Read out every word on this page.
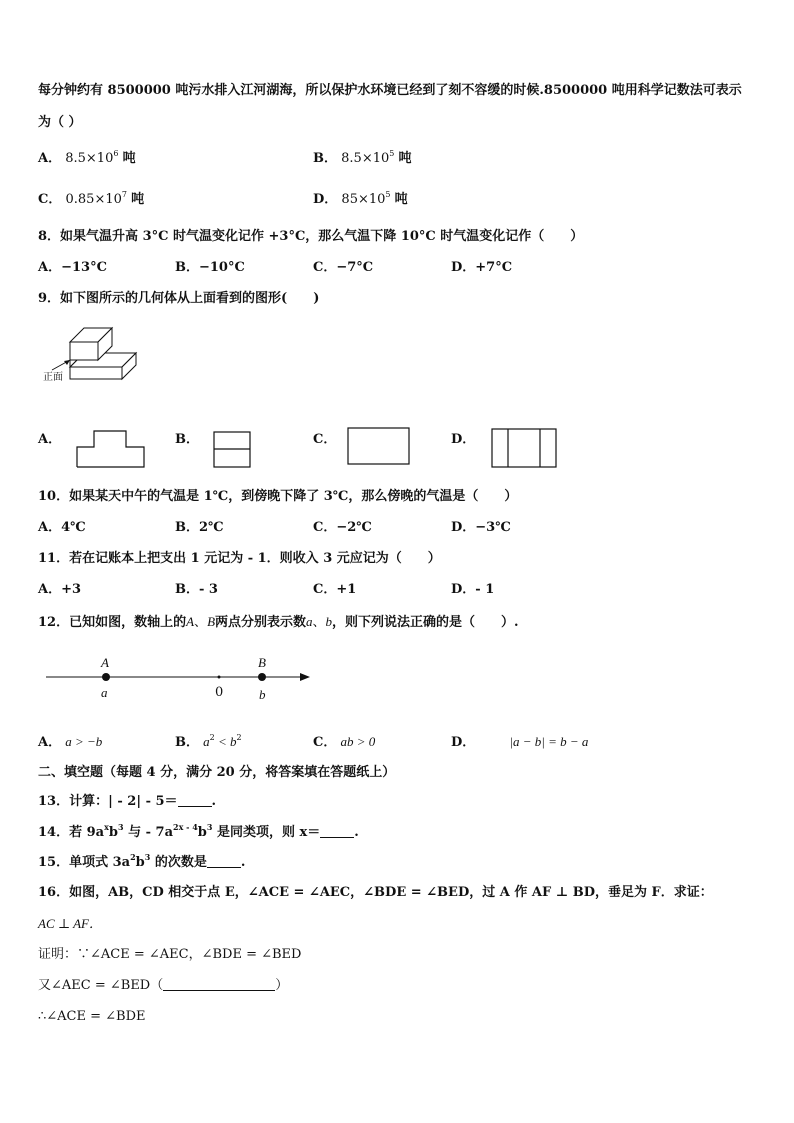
每分钟约有 8500000 吨污水排入江河湖海，所以保护水环境已经到了刻不容缓的时候.8500000 吨用科学记数法可表示
为（ ）
A． $8.5\times 10^6$ 吨	B． $8.5\times 10^5$ 吨
C． $0.85\times 10^7$ 吨	D． $85\times 10^5$ 吨
8．如果气温升高 3°C 时气温变化记作 +3°C，那么气温下降 10°C 时气温变化记作（　　）
A．−13°C	B．−10°C	C．−7°C	D．+7°C
9．如下图所示的几何体从上面看到的图形(　　)
正面
A．	B．	C．	D．
10．如果某天中午的气温是 1℃，到傍晚下降了 3℃，那么傍晚的气温是（　　）
A．4℃	B．2℃	C．−2℃	D．−3℃
11．若在记账本上把支出 1 元记为 - 1．则收入 3 元应记为（　　）
A．+3	B．- 3	C．+1	D．- 1
12．已知如图，数轴上的A、B两点分别表示数a、b，则下列说法正确的是（　　）.
A	B
a	0	b
A． a > −b	B． $a^2 < b^2$	C． ab > 0	D．	|a − b| = b − a
二、填空题（每题 4 分，满分 20 分，将答案填在答题纸上）
13．计算：| - 2| - 5＝	.
14．若 $9a^xb^3$ 与 - $7a^{2x - 4}b^3$ 是同类项，则 x＝	.
15．单项式 $3a^2b^3$ 的次数是	.
16．如图，AB，CD 相交于点 E，∠ACE = ∠AEC，∠BDE = ∠BED，过 A 作 AF ⊥ BD，垂足为 F．求证：
AC ⊥ AF．
证明：∵∠ACE = ∠AEC，∠BDE = ∠BED
又∠AEC = ∠BED（	）
∴∠ACE = ∠BDE
